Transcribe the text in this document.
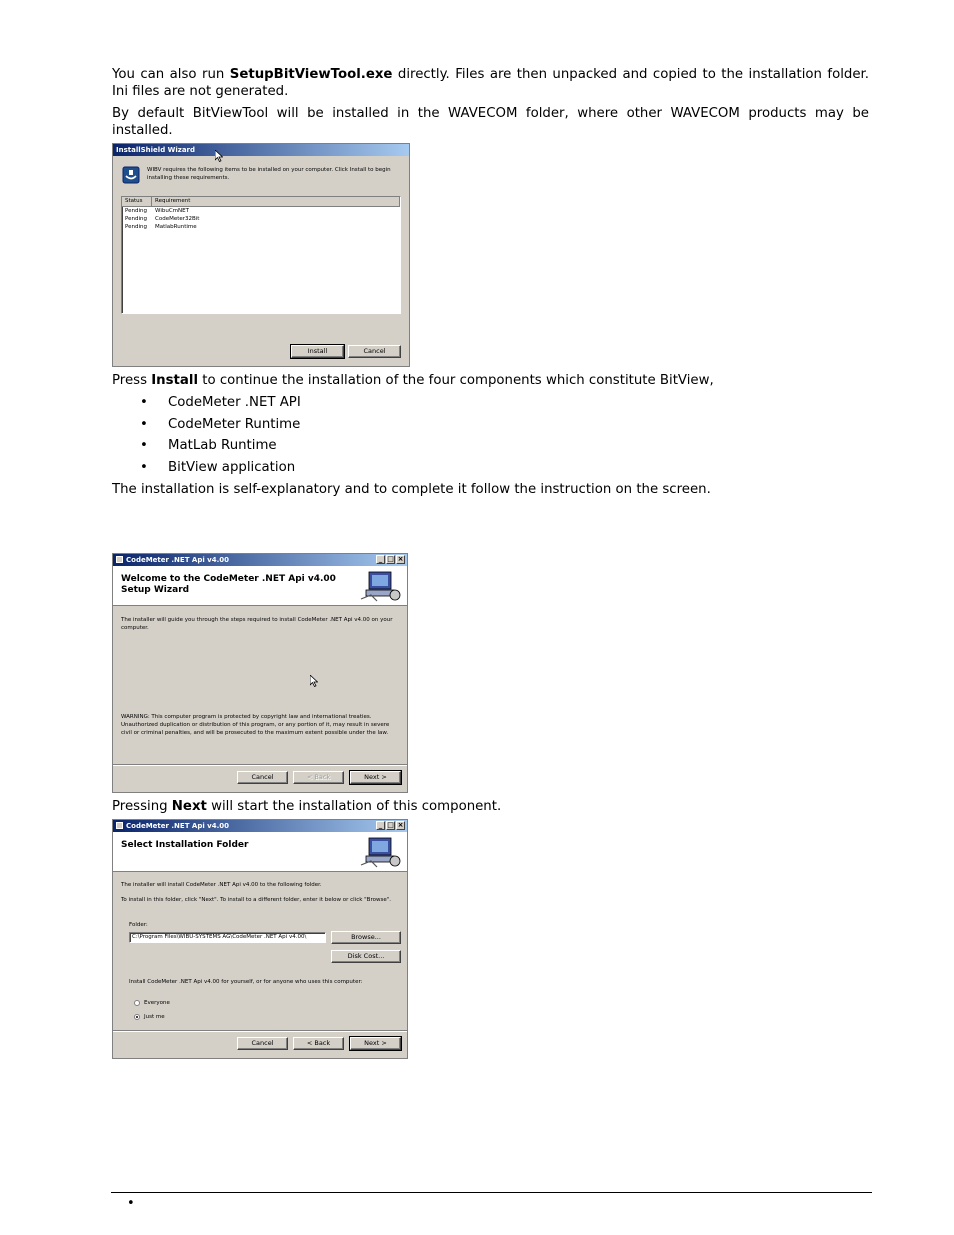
You can also run SetupBitViewTool.exe directly. Files are then unpacked and copied to the installation folder. Ini files are not generated.
By default BitViewTool will be installed in the WAVECOM folder, where other WAVECOM products may be installed.
InstallShield Wizard
WIBV requires the following items to be installed on your computer. Click Install to begin installing these requirements.
Status	Requirement
Pending	WibuCmNET
Pending	CodeMeter32Bit
Pending	MatlabRuntime
Install	Cancel
Press Install to continue the installation of the four components which constitute BitView,
• CodeMeter .NET API
• CodeMeter Runtime
• MatLab Runtime
• BitView application
The installation is self-explanatory and to complete it follow the instruction on the screen.
CodeMeter .NET Api v4.00	_ □ ×
Welcome to the CodeMeter .NET Api v4.00 Setup Wizard
The installer will guide you through the steps required to install CodeMeter .NET Api v4.00 on your computer.
WARNING: This computer program is protected by copyright law and international treaties. Unauthorized duplication or distribution of this program, or any portion of it, may result in severe civil or criminal penalties, and will be prosecuted to the maximum extent possible under the law.
Cancel	< Back	Next >
Pressing Next will start the installation of this component.
CodeMeter .NET Api v4.00	_ □ ×
Select Installation Folder
The installer will install CodeMeter .NET Api v4.00 to the following folder.
To install in this folder, click "Next". To install to a different folder, enter it below or click "Browse".
Folder:
C:\Program Files\WIBU-SYSTEMS AG\CodeMeter .NET Api v4.00\	Browse...
Disk Cost...
Install CodeMeter .NET Api v4.00 for yourself, or for anyone who uses this computer:
Everyone
Just me
Cancel	< Back	Next >
•
